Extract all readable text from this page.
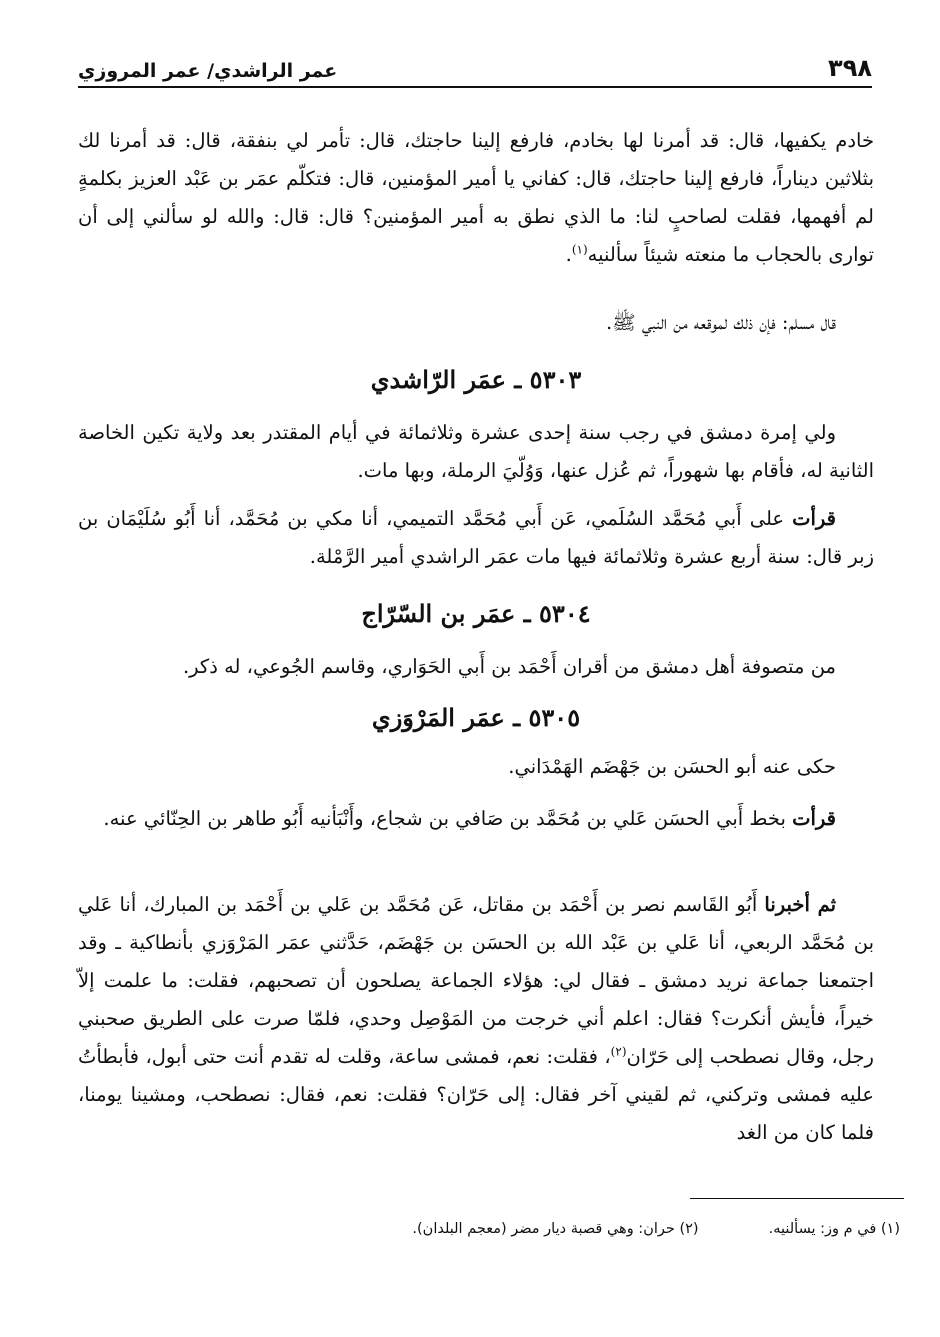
٣٩٨
عمر الراشدي/ عمر المروزي

خادم يكفيها، قال: قد أمرنا لها بخادم، فارفع إلينا حاجتك، قال: تأمر لي بنفقة، قال: قد أمرنا لك بثلاثين ديناراً، فارفع إلينا حاجتك، قال: كفاني يا أمير المؤمنين، قال: فتكلّم عمَر بن عَبْد العزيز بكلمةٍ لم أفهمها، فقلت لصاحبٍ لنا: ما الذي نطق به أمير المؤمنين؟ قال: قال: والله لو سألني إلى أن توارى بالحجاب ما منعته شيئاً سألنيه$^{(١)}$.

قال مسلم: فإن ذلك لموقعه من النبي ﷺ.

٥٣٠٣ ـ عمَر الرّاشدي

ولي إمرة دمشق في رجب سنة إحدى عشرة وثلاثمائة في أيام المقتدر بعد ولاية تكين الخاصة الثانية له، فأقام بها شهوراً، ثم عُزل عنها، وَوُلّيَ الرملة، وبها مات.

قرأت على أَبي مُحَمَّد السُلَمي، عَن أَبي مُحَمَّد التميمي، أنا مكي بن مُحَمَّد، أنا أَبُو سُلَيْمَان بن زبر قال: سنة أربع عشرة وثلاثمائة فيها مات عمَر الراشدي أمير الرَّمْلة.

٥٣٠٤ ـ عمَر بن السّرّاج

من متصوفة أهل دمشق من أقران أَحْمَد بن أَبي الحَوَاري، وقاسم الجُوعي، له ذكر.

٥٣٠٥ ـ عمَر المَرْوَزي

حكى عنه أبو الحسَن بن جَهْضَم الهَمْدَاني.

قرأت بخط أَبي الحسَن عَلي بن مُحَمَّد بن صَافي بن شجاع، وأَنْبَأنيه أَبُو طاهر بن الحِنّائي عنه.

ثم أخبرنا أَبُو القَاسم نصر بن أَحْمَد بن مقاتل، عَن مُحَمَّد بن عَلي بن أَحْمَد بن المبارك، أنا عَلي بن مُحَمَّد الربعي، أنا عَلي بن عَبْد الله بن الحسَن بن جَهْضَم، حَدَّثني عمَر المَرْوَزي بأنطاكية ـ وقد اجتمعنا جماعة نريد دمشق ـ فقال لي: هؤلاء الجماعة يصلحون أن تصحبهم، فقلت: ما علمت إلاّ خيراً، فأيش أنكرت؟ فقال: اعلم أني خرجت من المَوْصِل وحدي، فلمّا صرت على الطريق صحبني رجل، وقال نصطحب إلى حَرّان$^{(٢)}$، فقلت: نعم، فمشى ساعة، وقلت له تقدم أنت حتى أبول، فأبطأتُ عليه فمشى وتركني، ثم لقيني آخر فقال: إلى حَرّان؟ فقلت: نعم، فقال: نصطحب، ومشينا يومنا، فلما كان من الغد

(١) في م وز: يسألنيه.
(٢) حران: وهي قصبة ديار مضر (معجم البلدان).
